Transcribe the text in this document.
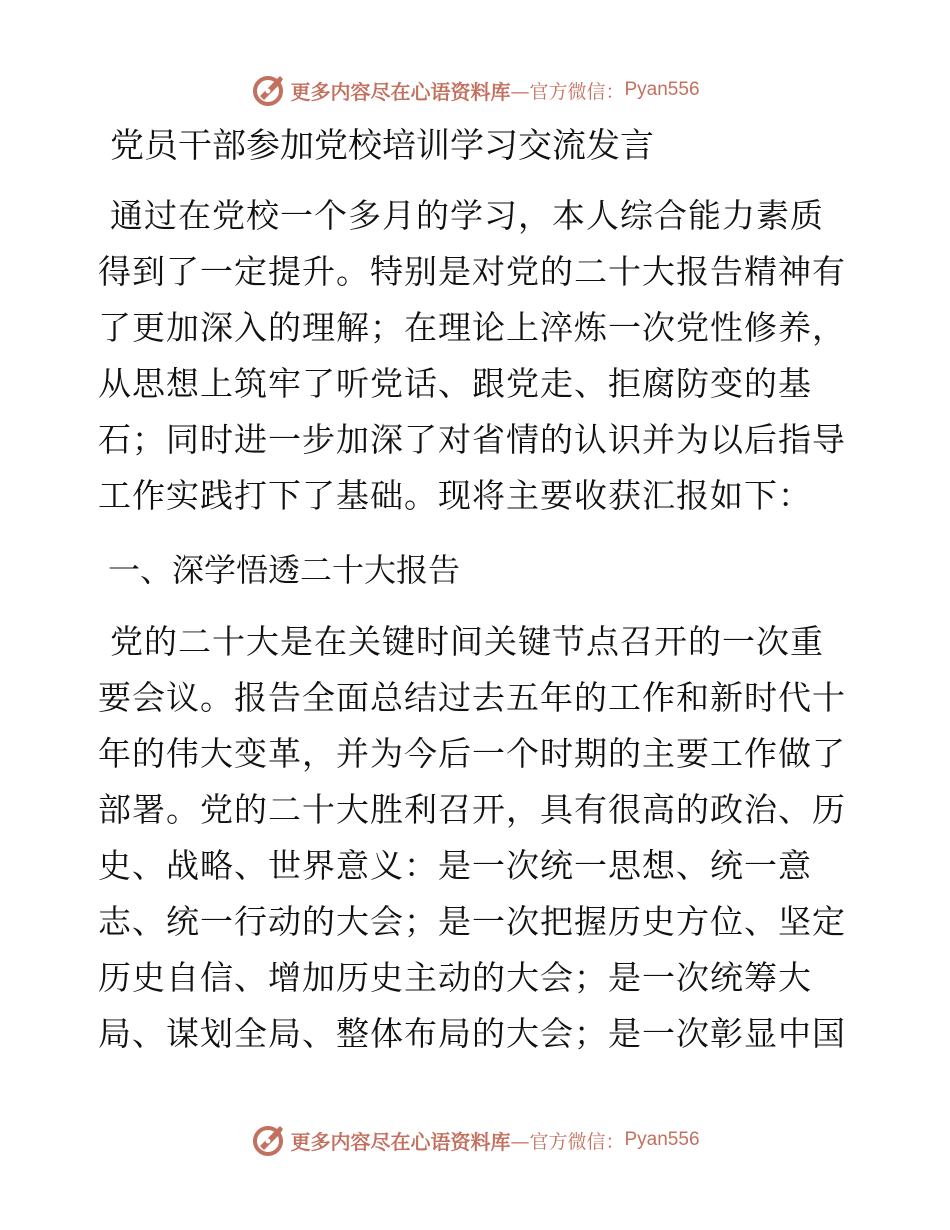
更多内容尽在心语资料库 —官方微信： Pyan556
党员干部参加党校培训学习交流发言
通过在党校一个多月的学习，本人综合能力素质
得到了一定提升。特别是对党的二十大报告精神有
了更加深入的理解；在理论上淬炼一次党性修养，
从思想上筑牢了听党话、跟党走、拒腐防变的基
石；同时进一步加深了对省情的认识并为以后指导
工作实践打下了基础。现将主要收获汇报如下：
一、深学悟透二十大报告
党的二十大是在关键时间关键节点召开的一次重
要会议。报告全面总结过去五年的工作和新时代十
年的伟大变革，并为今后一个时期的主要工作做了
部署。党的二十大胜利召开，具有很高的政治、历
史、战略、世界意义：是一次统一思想、统一意
志、统一行动的大会；是一次把握历史方位、坚定
历史自信、增加历史主动的大会；是一次统筹大
局、谋划全局、整体布局的大会；是一次彰显中国
更多内容尽在心语资料库 —官方微信： Pyan556
